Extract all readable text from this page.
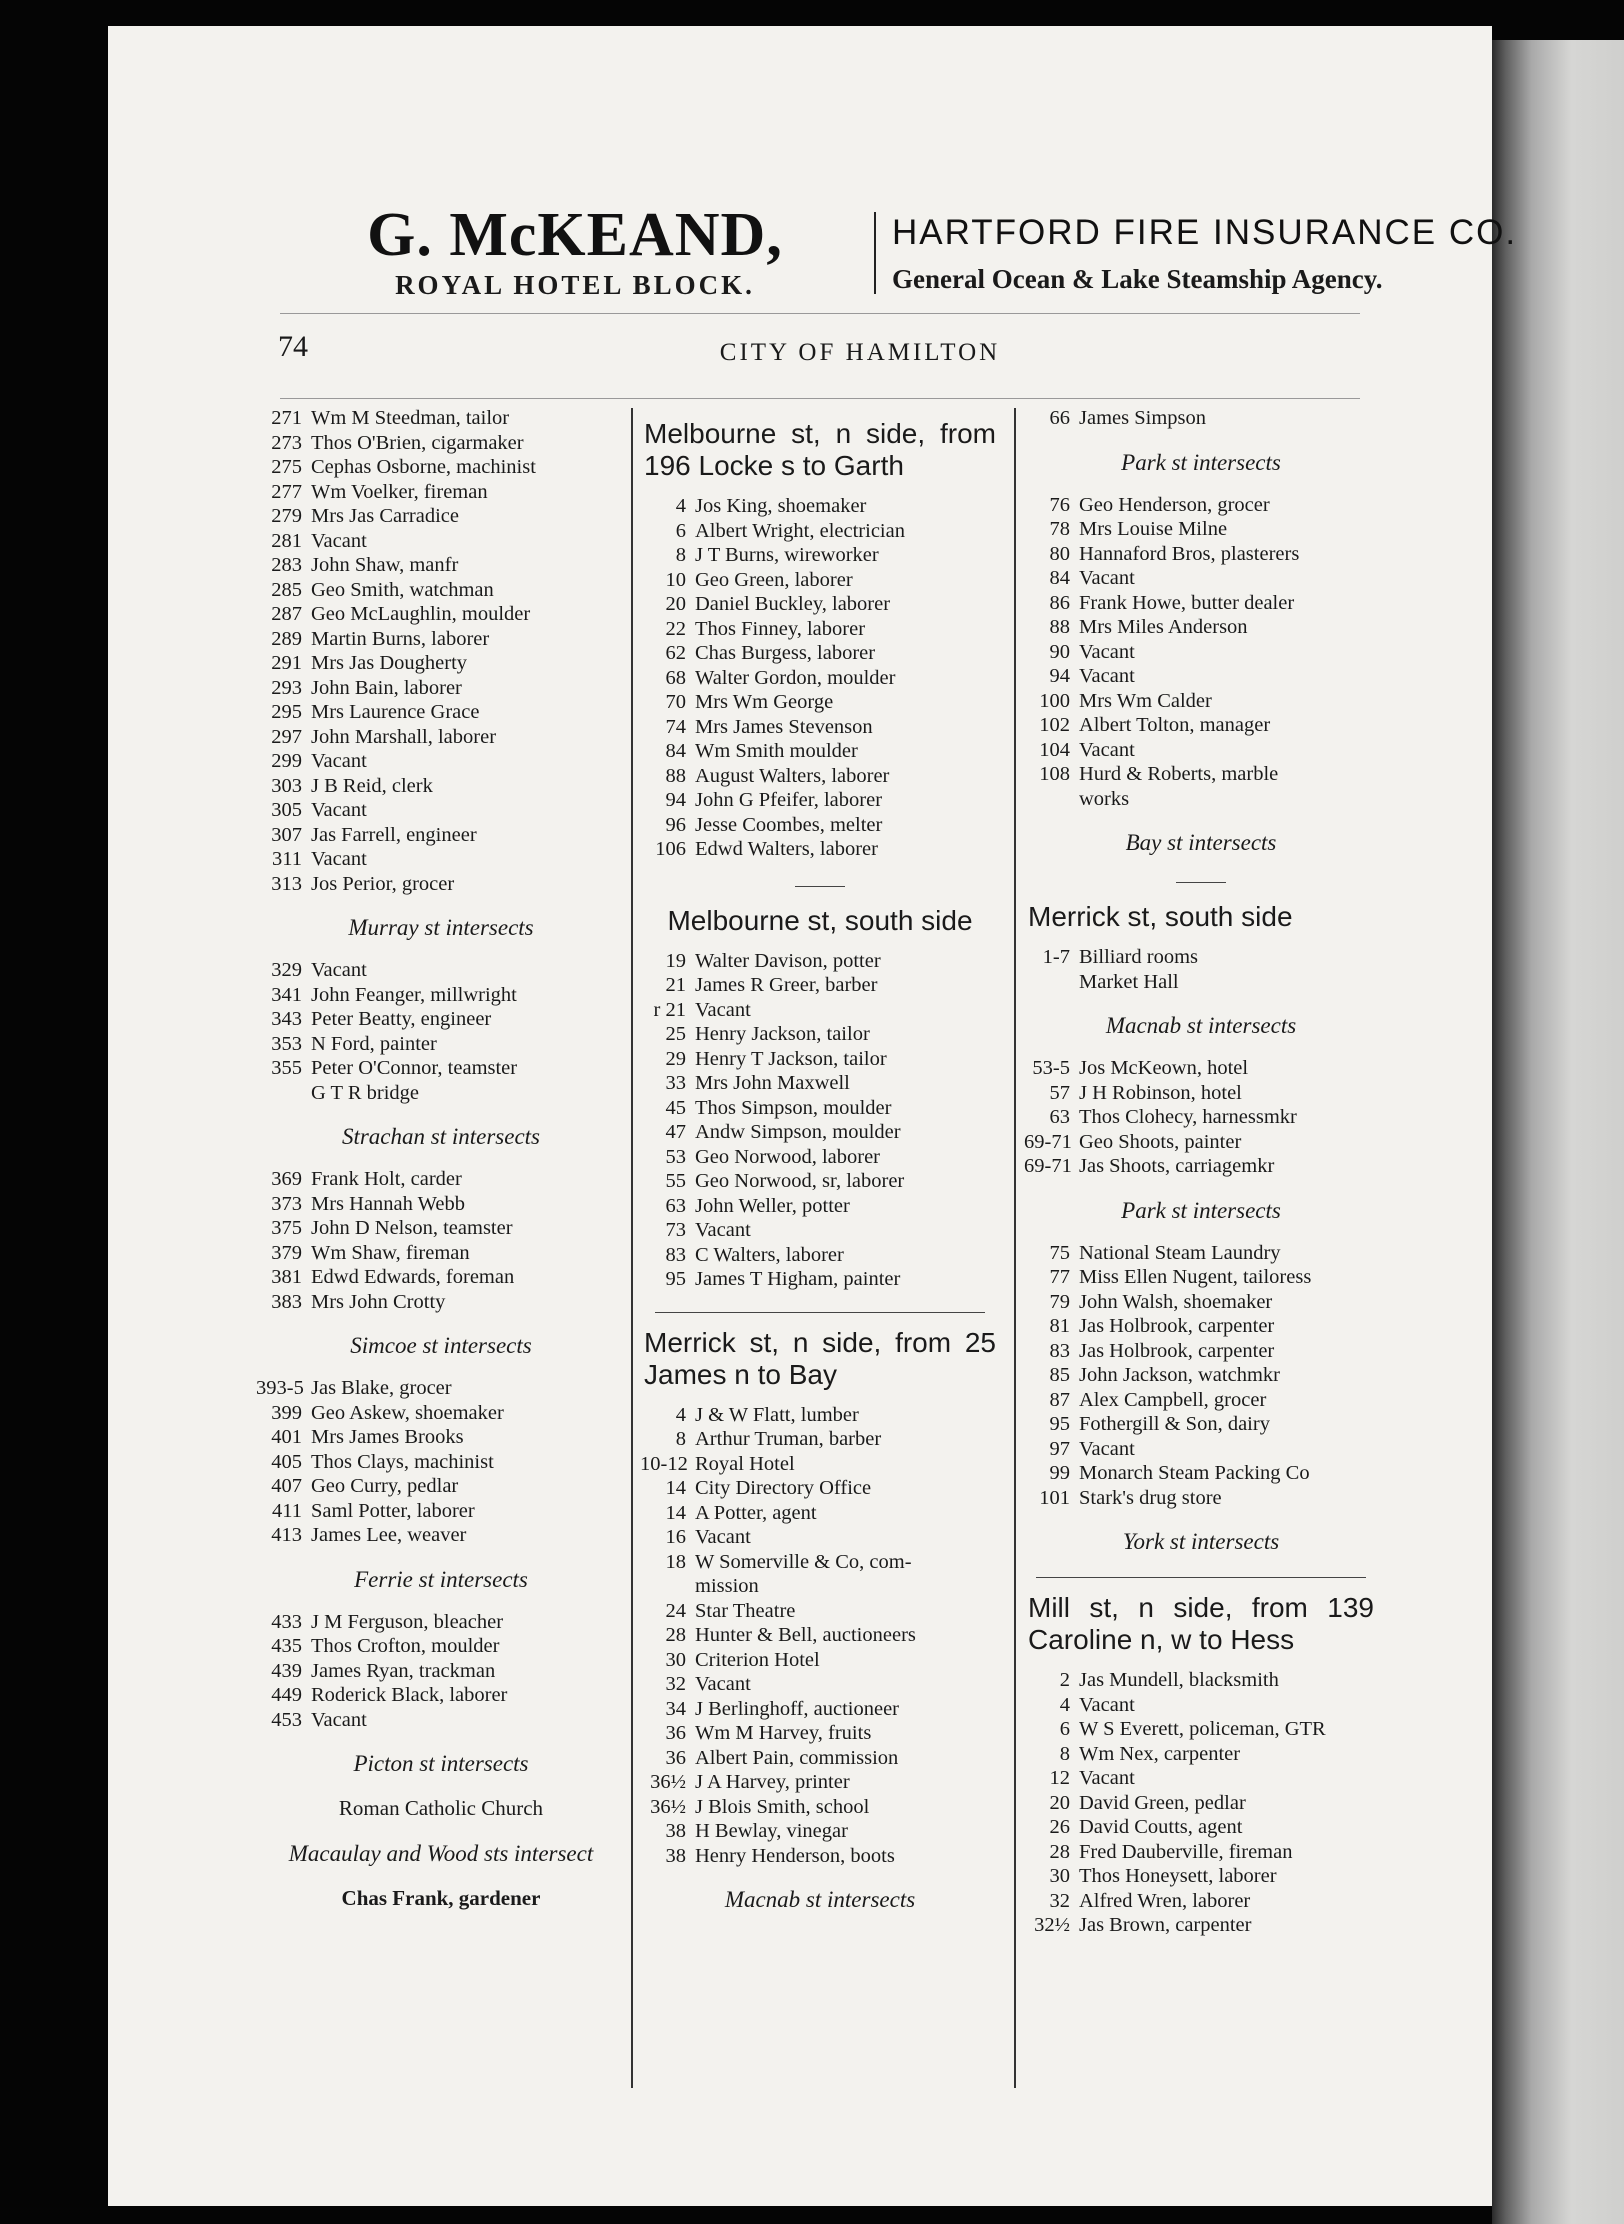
G. McKEAND,
ROYAL HOTEL BLOCK.
HARTFORD FIRE INSURANCE CO.
General Ocean & Lake Steamship Agency.
74	CITY OF HAMILTON
271 Wm M Steedman, tailor
273 Thos O'Brien, cigarmaker
275 Cephas Osborne, machinist
277 Wm Voelker, fireman
279 Mrs Jas Carradice
281 Vacant
283 John Shaw, manfr
285 Geo Smith, watchman
287 Geo McLaughlin, moulder
289 Martin Burns, laborer
291 Mrs Jas Dougherty
293 John Bain, laborer
295 Mrs Laurence Grace
297 John Marshall, laborer
299 Vacant
303 J B Reid, clerk
305 Vacant
307 Jas Farrell, engineer
311 Vacant
313 Jos Perior, grocer
Murray st intersects
329 Vacant
341 John Feanger, millwright
343 Peter Beatty, engineer
353 N Ford, painter
355 Peter O'Connor, teamster
G T R bridge
Strachan st intersects
369 Frank Holt, carder
373 Mrs Hannah Webb
375 John D Nelson, teamster
379 Wm Shaw, fireman
381 Edwd Edwards, foreman
383 Mrs John Crotty
Simcoe st intersects
393-5 Jas Blake, grocer
399 Geo Askew, shoemaker
401 Mrs James Brooks
405 Thos Clays, machinist
407 Geo Curry, pedlar
411 Saml Potter, laborer
413 James Lee, weaver
Ferrie st intersects
433 J M Ferguson, bleacher
435 Thos Crofton, moulder
439 James Ryan, trackman
449 Roderick Black, laborer
453 Vacant
Picton st intersects
Roman Catholic Church
Macaulay and Wood sts intersect
Chas Frank, gardener
Melbourne st, n side, from 196 Locke s to Garth
4 Jos King, shoemaker
6 Albert Wright, electrician
8 J T Burns, wireworker
10 Geo Green, laborer
20 Daniel Buckley, laborer
22 Thos Finney, laborer
62 Chas Burgess, laborer
68 Walter Gordon, moulder
70 Mrs Wm George
74 Mrs James Stevenson
84 Wm Smith moulder
88 August Walters, laborer
94 John G Pfeifer, laborer
96 Jesse Coombes, melter
106 Edwd Walters, laborer
Melbourne st, south side
19 Walter Davison, potter
21 James R Greer, barber
r 21 Vacant
25 Henry Jackson, tailor
29 Henry T Jackson, tailor
33 Mrs John Maxwell
45 Thos Simpson, moulder
47 Andw Simpson, moulder
53 Geo Norwood, laborer
55 Geo Norwood, sr, laborer
63 John Weller, potter
73 Vacant
83 C Walters, laborer
95 James T Higham, painter
Merrick st, n side, from 25 James n to Bay
4 J & W Flatt, lumber
8 Arthur Truman, barber
10-12 Royal Hotel
14 City Directory Office
14 A Potter, agent
16 Vacant
18 W Somerville & Co, com-
mission
24 Star Theatre
28 Hunter & Bell, auctioneers
30 Criterion Hotel
32 Vacant
34 J Berlinghoff, auctioneer
36 Wm M Harvey, fruits
36 Albert Pain, commission
36½ J A Harvey, printer
36½ J Blois Smith, school
38 H Bewlay, vinegar
38 Henry Henderson, boots
Macnab st intersects
66 James Simpson
Park st intersects
76 Geo Henderson, grocer
78 Mrs Louise Milne
80 Hannaford Bros, plasterers
84 Vacant
86 Frank Howe, butter dealer
88 Mrs Miles Anderson
90 Vacant
94 Vacant
100 Mrs Wm Calder
102 Albert Tolton, manager
104 Vacant
108 Hurd & Roberts, marble
works
Bay st intersects
Merrick st, south side
1-7 Billiard rooms
Market Hall
Macnab st intersects
53-5 Jos McKeown, hotel
57 J H Robinson, hotel
63 Thos Clohecy, harnessmkr
69-71 Geo Shoots, painter
69-71 Jas Shoots, carriagemkr
Park st intersects
75 National Steam Laundry
77 Miss Ellen Nugent, tailoress
79 John Walsh, shoemaker
81 Jas Holbrook, carpenter
83 Jas Holbrook, carpenter
85 John Jackson, watchmkr
87 Alex Campbell, grocer
95 Fothergill & Son, dairy
97 Vacant
99 Monarch Steam Packing Co
101 Stark's drug store
York st intersects
Mill st, n side, from 139 Caroline n, w to Hess
2 Jas Mundell, blacksmith
4 Vacant
6 W S Everett, policeman, GTR
8 Wm Nex, carpenter
12 Vacant
20 David Green, pedlar
26 David Coutts, agent
28 Fred Dauberville, fireman
30 Thos Honeysett, laborer
32 Alfred Wren, laborer
32½ Jas Brown, carpenter
